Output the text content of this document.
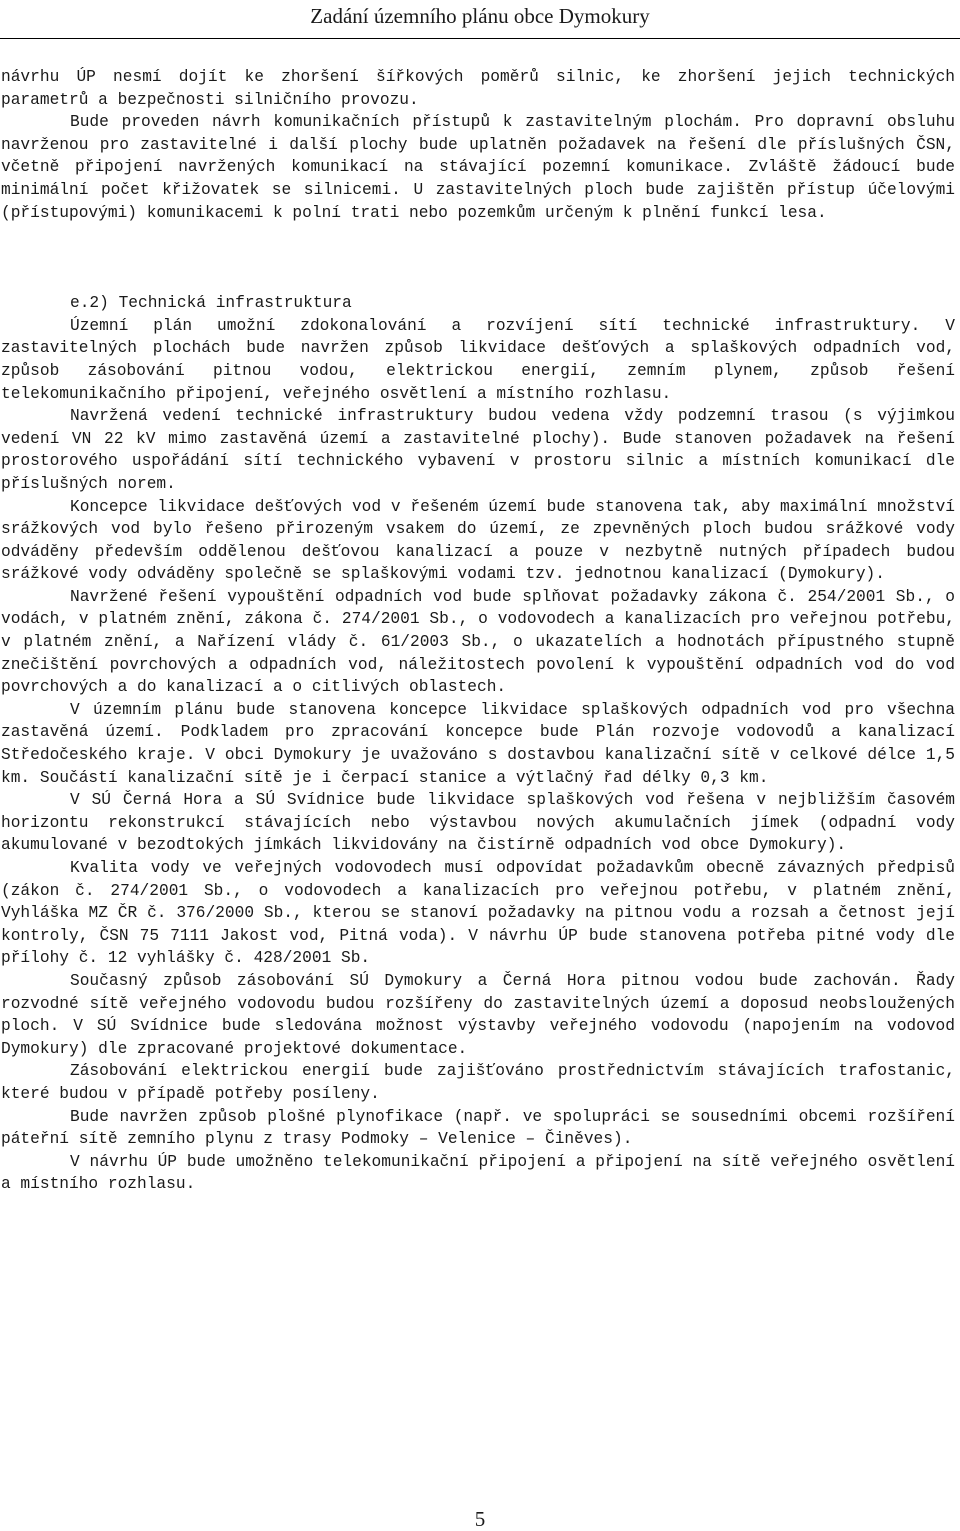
Zadání územního plánu obce Dymokury

návrhu ÚP nesmí dojít ke zhoršení šířkových poměrů silnic, ke zhoršení jejich technických parametrů a bezpečnosti silničního provozu.

Bude proveden návrh komunikačních přístupů k zastavitelným plochám. Pro dopravní obsluhu navrženou pro zastavitelné i další plochy bude uplatněn požadavek na řešení dle příslušných ČSN, včetně připojení navržených komunikací na stávající pozemní komunikace. Zvláště žádoucí bude minimální počet křižovatek se silnicemi. U zastavitelných ploch bude zajištěn přístup účelovými (přístupovými) komunikacemi k polní trati nebo pozemkům určeným k plnění funkcí lesa.

e.2) Technická infrastruktura

Územní plán umožní zdokonalování a rozvíjení sítí technické infrastruktury. V zastavitelných plochách bude navržen způsob likvidace dešťových a splaškových odpadních vod, způsob zásobování pitnou vodou, elektrickou energií, zemním plynem, způsob řešení telekomunikačního připojení, veřejného osvětlení a místního rozhlasu.

Navržená vedení technické infrastruktury budou vedena vždy podzemní trasou (s výjimkou vedení VN 22 kV mimo zastavěná území a zastavitelné plochy). Bude stanoven požadavek na řešení prostorového uspořádání sítí technického vybavení v prostoru silnic a místních komunikací dle příslušných norem.

Koncepce likvidace dešťových vod v řešeném území bude stanovena tak, aby maximální množství srážkových vod bylo řešeno přirozeným vsakem do území, ze zpevněných ploch budou srážkové vody odváděny především oddělenou dešťovou kanalizací a pouze v nezbytně nutných případech budou srážkové vody odváděny společně se splaškovými vodami tzv. jednotnou kanalizací (Dymokury).

Navržené řešení vypouštění odpadních vod bude splňovat požadavky zákona č. 254/2001 Sb., o vodách, v platném znění, zákona č. 274/2001 Sb., o vodovodech a kanalizacích pro veřejnou potřebu, v platném znění, a Nařízení vlády č. 61/2003 Sb., o ukazatelích a hodnotách přípustného stupně znečištění povrchových a odpadních vod, náležitostech povolení k vypouštění odpadních vod do vod povrchových a do kanalizací a o citlivých oblastech.

V územním plánu bude stanovena koncepce likvidace splaškových odpadních vod pro všechna zastavěná území. Podkladem pro zpracování koncepce bude Plán rozvoje vodovodů a kanalizací Středočeského kraje. V obci Dymokury je uvažováno s dostavbou kanalizační sítě v celkové délce 1,5 km. Součástí kanalizační sítě je i čerpací stanice a výtlačný řad délky 0,3 km.

V SÚ Černá Hora a SÚ Svídnice bude likvidace splaškových vod řešena v nejbližším časovém horizontu rekonstrukcí stávajících nebo výstavbou nových akumulačních jímek (odpadní vody akumulované v bezodtokých jímkách likvidovány na čistírně odpadních vod obce Dymokury).

Kvalita vody ve veřejných vodovodech musí odpovídat požadavkům obecně závazných předpisů (zákon č. 274/2001 Sb., o vodovodech a kanalizacích pro veřejnou potřebu, v platném znění, Vyhláška MZ ČR č. 376/2000 Sb., kterou se stanoví požadavky na pitnou vodu a rozsah a četnost její kontroly, ČSN 75 7111 Jakost vod, Pitná voda). V návrhu ÚP bude stanovena potřeba pitné vody dle přílohy č. 12 vyhlášky č. 428/2001 Sb.

Současný způsob zásobování SÚ Dymokury a Černá Hora pitnou vodou bude zachován. Řady rozvodné sítě veřejného vodovodu budou rozšířeny do zastavitelných území a doposud neobsloužených ploch. V SÚ Svídnice bude sledována možnost výstavby veřejného vodovodu (napojením na vodovod Dymokury) dle zpracované projektové dokumentace.

Zásobování elektrickou energií bude zajišťováno prostřednictvím stávajících trafostanic, které budou v případě potřeby posíleny.

Bude navržen způsob plošné plynofikace (např. ve spolupráci se sousedními obcemi rozšíření páteřní sítě zemního plynu z trasy Podmoky – Velenice – Činěves).

V návrhu ÚP bude umožněno telekomunikační připojení a připojení na sítě veřejného osvětlení a místního rozhlasu.

5
